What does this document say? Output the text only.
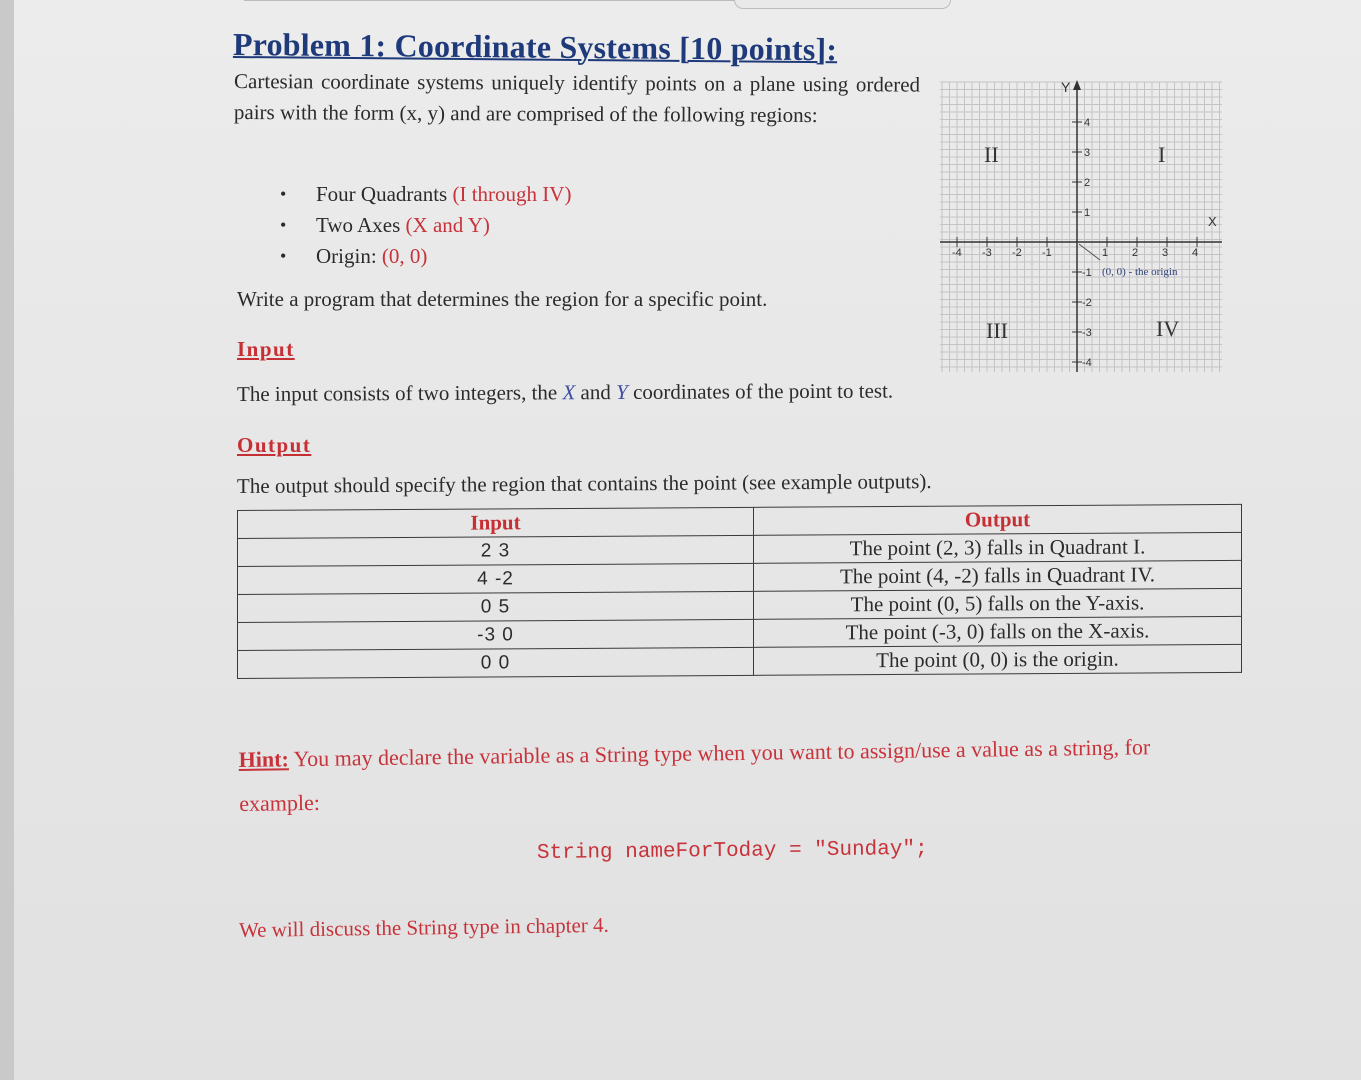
Problem 1: Coordinate Systems [10 points]:

Cartesian coordinate systems uniquely identify points on a plane using ordered pairs with the form (x, y) and are comprised of the following regions:

• Four Quadrants (I through IV)
• Two Axes (X and Y)
• Origin: (0, 0)

Write a program that determines the region for a specific point.

Input

The input consists of two integers, the X and Y coordinates of the point to test.

Output

The output should specify the region that contains the point (see example outputs).

Input	Output
2 3	The point (2, 3) falls in Quadrant I.
4 -2	The point (4, -2) falls in Quadrant IV.
0 5	The point (0, 5) falls on the Y-axis.
-3 0	The point (-3, 0) falls on the X-axis.
0 0	The point (0, 0) is the origin.

Hint: You may declare the variable as a String type when you want to assign/use a value as a string, for example:

String nameForToday = "Sunday";

We will discuss the String type in chapter 4.

Y
X
-4 -3 -2 -1	1 2 3 4
4
3
2
1
-1
-2
-3
-4
II	I
III	IV
(0, 0) - the origin
